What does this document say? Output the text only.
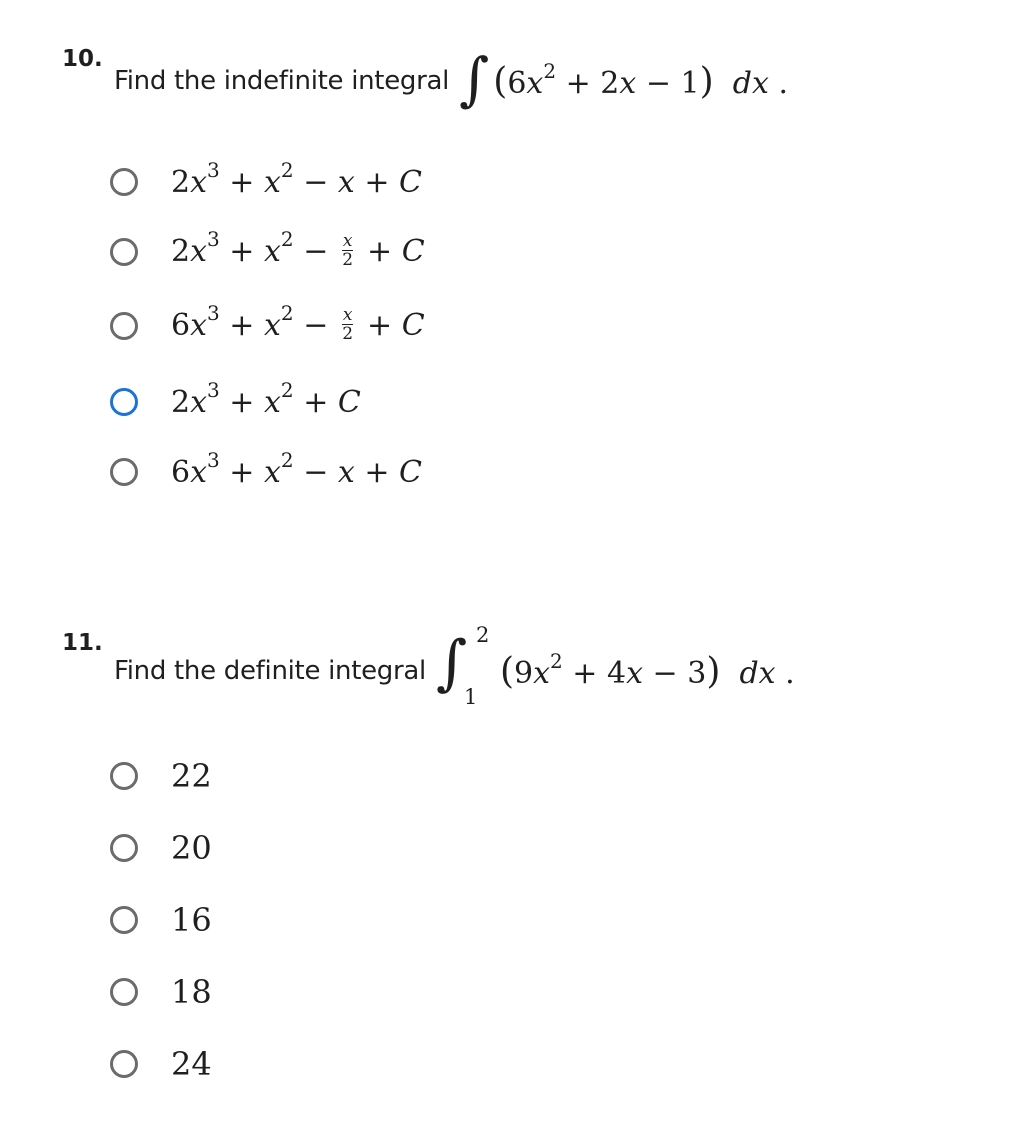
10.
Find the indefinite integral ∫ $(6x^2 + 2x - 1)$ dx .
$2x^3 + x^2 - x + C$
$2x^3 + x^2 - \frac{x}{2} + C$
$6x^3 + x^2 - \frac{x}{2} + C$
$2x^3 + x^2 + C$
$6x^3 + x^2 - x + C$
11.
Find the definite integral ∫ 2
1
$(9x^2 + 4x - 3)$ dx .
22
20
16
18
24
